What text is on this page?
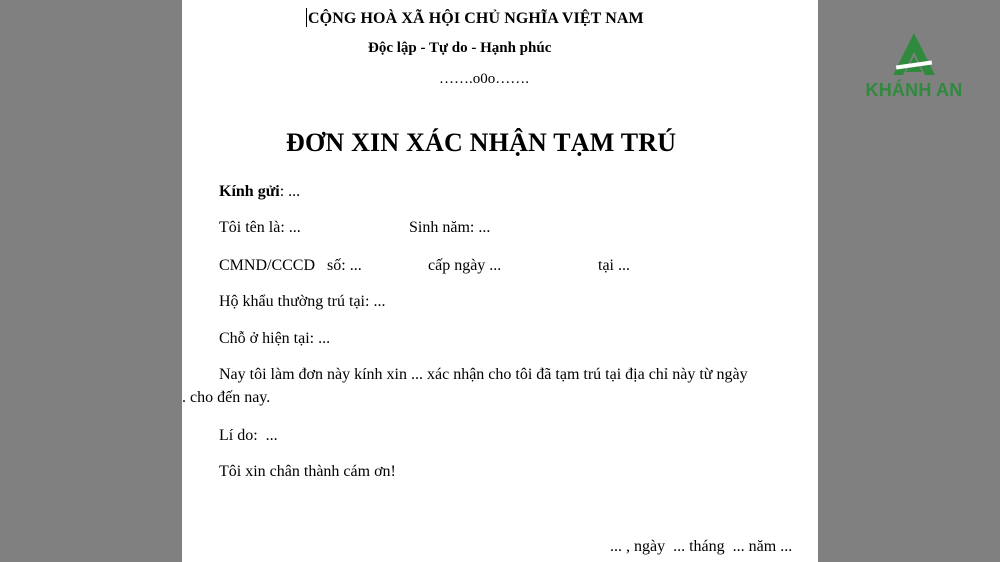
CỘNG HOÀ XÃ HỘI CHỦ NGHĨA VIỆT NAM
Độc lập - Tự do - Hạnh phúc
…….o0o…….
ĐƠN XIN XÁC NHẬN TẠM TRÚ
Kính gửi: ...
Tôi tên là: ...	Sinh năm: ...
CMND/CCCD   số: ...	cấp ngày ...	tại ...
Hộ khẩu thường trú tại: ...
Chỗ ở hiện tại: ...
Nay tôi làm đơn này kính xin ... xác nhận cho tôi đã tạm trú tại địa chỉ này từ ngày
. cho đến nay.
Lí do:  ...
Tôi xin chân thành cám ơn!
... , ngày  ... tháng  ... năm ...
KHÁNH AN
